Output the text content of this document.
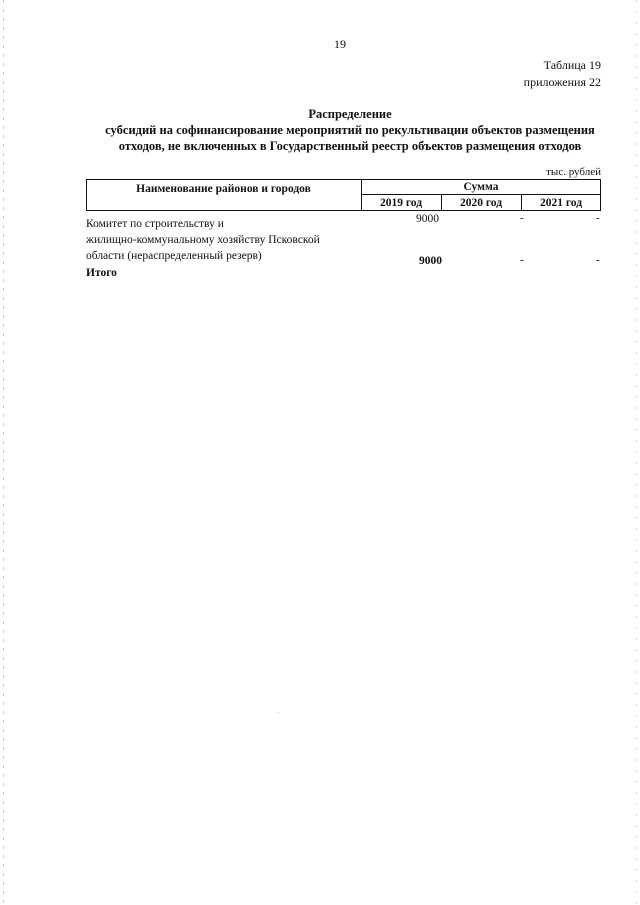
19
Таблица 19
приложения 22
Распределение
субсидий на софинансирование мероприятий по рекультивации объектов размещения
отходов, не включенных в Государственный реестр объектов размещения отходов
тыс. рублей
Наименование районов и городов	Сумма
2019 год	2020 год	2021 год
Комитет по строительству и
жилищно-коммунальному хозяйству Псковской
области (нераспределенный резерв)
9000	-	-
Итого
9000	-	-
